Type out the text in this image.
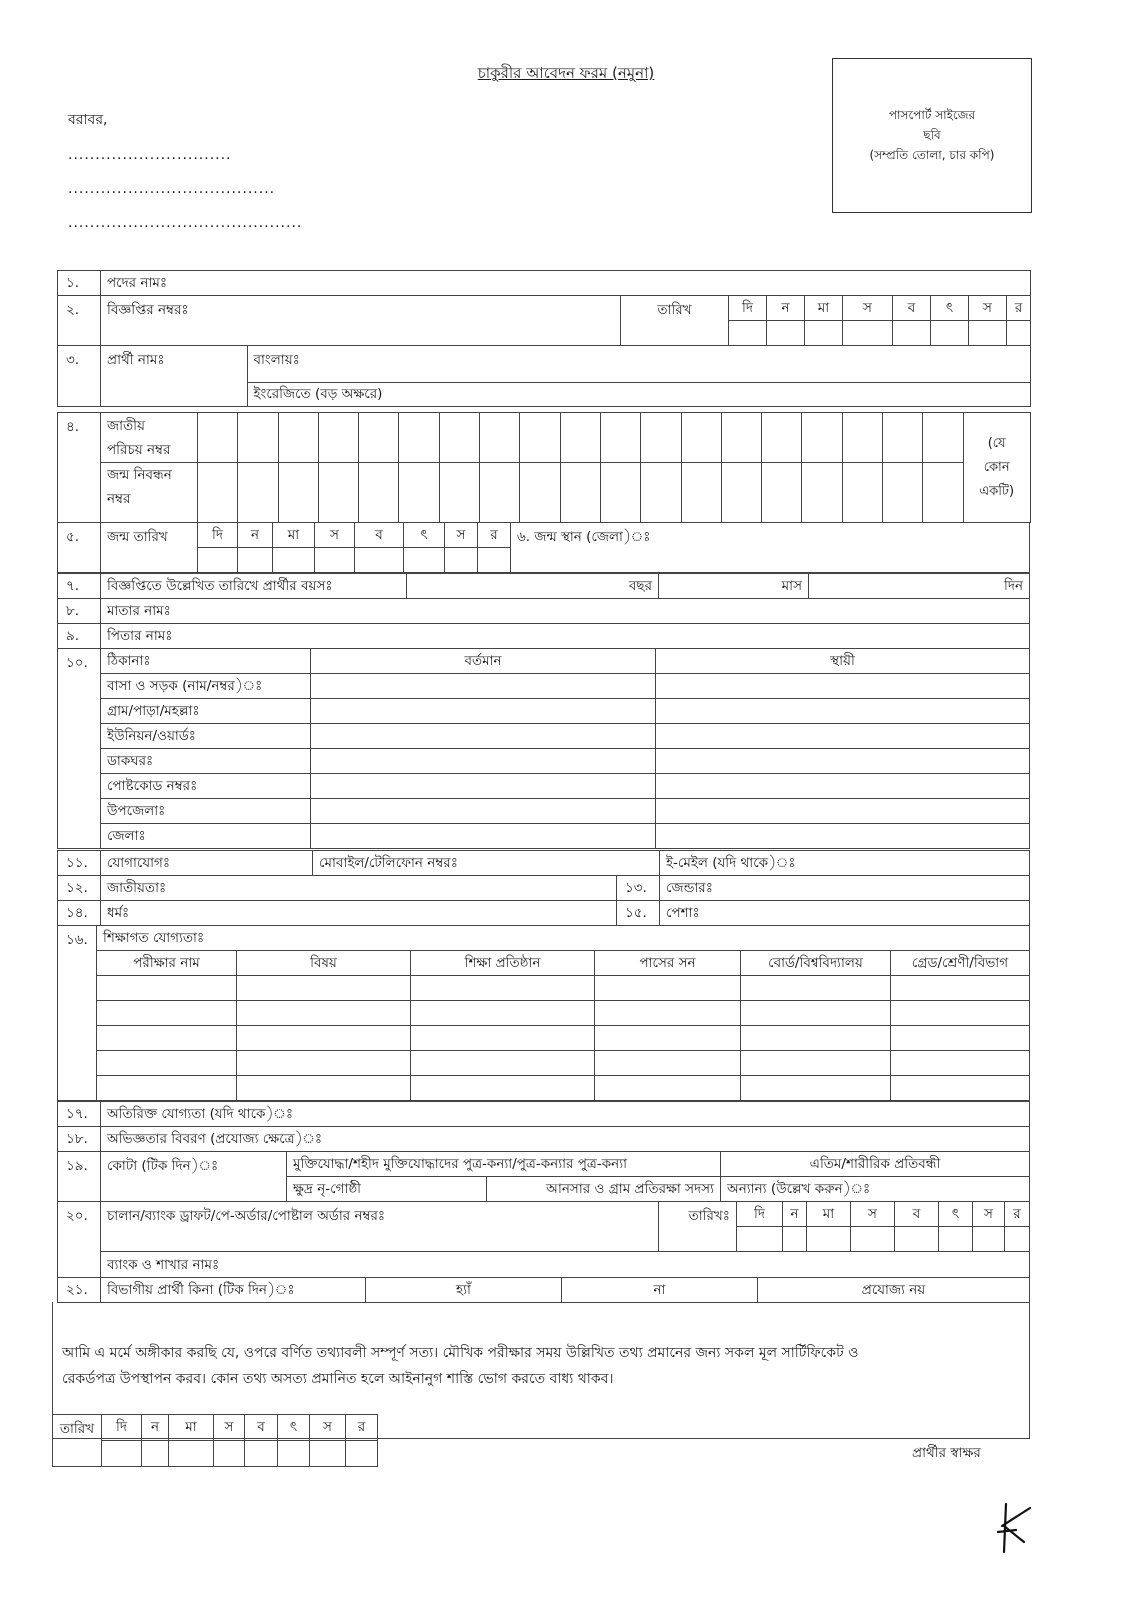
চাকুরীর আবেদন ফরম (নমুনা)
বরাবর,
..............................
......................................
...........................................
পাসপোর্ট সাইজের
ছবি
(সম্প্রতি তোলা, চার কপি)
১.	পদের নামঃ
২.	বিজ্ঞপ্তির নম্বরঃ	তারিখ	দি	ন	মা	স	ব	ৎ	স	র

৩.	প্রার্থী নামঃ	বাংলায়ঃ
ইংরেজিতে (বড় অক্ষরে)
৪.	জাতীয়
পরিচয় নম্বর																				(যে
কোন
একটি)

	জন্ম নিবন্ধন
নম্বর																				

৫.	জন্ম তারিখ	দি	ন	মা	স	ব	ৎ	স	র	৬. জন্ম স্থান (জেলা)ঃ

৭.	বিজ্ঞপ্তিতে উল্লেখিত তারিখে প্রার্থীর বয়সঃ	বছর	মাস	দিন
৮.	মাতার নামঃ			
৯.	পিতার নামঃ			
১০.	ঠিকানাঃ	বর্তমান	স্থায়ী
	বাসা ও সড়ক (নাম/নম্বর)ঃ		
	গ্রাম/পাড়া/মহল্লাঃ		
	ইউনিয়ন/ওয়ার্ডঃ		
	ডাকঘরঃ		
	পোষ্টকোড নম্বরঃ		
	উপজেলাঃ		
	জেলাঃ		
১১.	যোগাযোগঃ	মোবাইল/টেলিফোন নম্বরঃ		ই-মেইল (যদি থাকে)ঃ
১২.	জাতীয়তাঃ		১৩.	জেন্ডারঃ
১৪.	ধর্মঃ		১৫.	পেশাঃ
১৬.	শিক্ষাগত যোগ্যতাঃ					
	পরীক্ষার নাম	বিষয়	শিক্ষা প্রতিষ্ঠান	পাসের সন	বোর্ড/বিশ্ববিদ্যালয়	গ্রেড/শ্রেণী/বিভাগ

১৭.	অতিরিক্ত যোগ্যতা (যদি থাকে)ঃ			
১৮.	অভিজ্ঞতার বিবরণ (প্রযোজ্য ক্ষেত্রে)ঃ			
১৯.	কোটা (টিক দিন)ঃ	মুক্তিযোদ্ধা/শহীদ মুক্তিযোদ্ধাদের পুত্র-কন্যা/পুত্র-কন্যার পুত্র-কন্যা		এতিম/শারীরিক প্রতিবন্ধী
		ক্ষুদ্র নৃ-গোষ্ঠী	আনসার ও গ্রাম প্রতিরক্ষা সদস্য	অন্যান্য (উল্লেখ করুন)ঃ
২০.	চালান/ব্যাংক ড্রাফট/পে-অর্ডার/পোষ্টাল অর্ডার নম্বরঃ	তারিখঃ	দি	ন	মা	স	ব	ৎ	স	র

	ব্যাংক ও শাখার নামঃ									
২১.	বিভাগীয় প্রার্থী কিনা (টিক দিন)ঃ	হ্যাঁ	না	প্রযোজ্য নয়
আমি এ মর্মে অঙ্গীকার করছি যে, ওপরে বর্ণিত তথ্যাবলী সম্পূর্ণ সত্য। মৌখিক পরীক্ষার সময় উল্লিখিত তথ্য প্রমানের জন্য সকল মূল সার্টিফিকেট ও
রেকর্ডপত্র উপস্থাপন করব। কোন তথ্য অসত্য প্রমানিত হলে আইনানুগ শাস্তি ভোগ করতে বাধ্য থাকব।
তারিখ	দি	ন	মা	স	ব	ৎ	স	র

প্রার্থীর স্বাক্ষর
